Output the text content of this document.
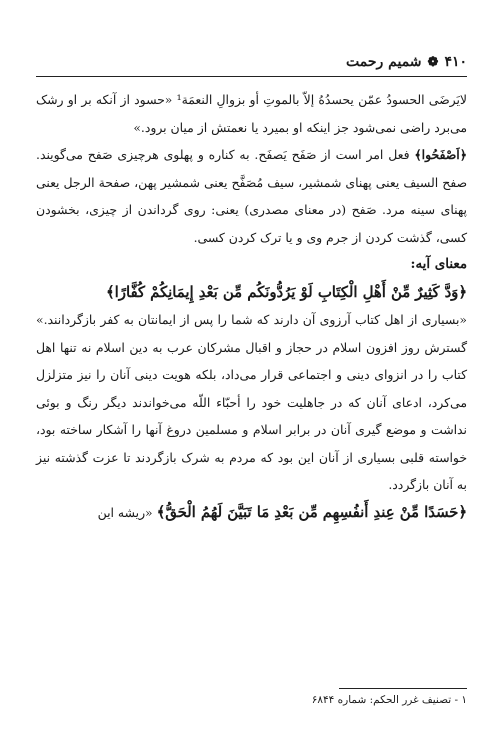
۴۱۰
❁
شمیم رحمت

لایَرضَی الحسودُ عمّن یحسدُهُ إلاّ بالموتِ أو بزوالِ النعمَة¹ «حسود از آنکه بر او رشک می‌برد راضی نمی‌شود جز اینکه او بمیرد یا نعمتش از میان برود.»

﴿اَصْفَحُوا﴾ فعل امر است از صَفَح یَصفَح. به کناره و پهلوی هرچیزی صَفح می‌گویند. صفح السیف یعنی پهنای شمشیر، سیف مُصَفَّح یعنی شمشیر پهن، صفحة الرجل یعنی پهنای سینه مرد. صَفح (در معنای مصدری) یعنی: روی گرداندن از چیزی، بخشودن کسی، گذشت کردن از جرم وی و یا ترک کردن کسی.

معنای آیه:

﴿وَدَّ كَثِيرٌ مِّنْ أَهْلِ الْكِتَابِ لَوْ يَرُدُّونَكُم مِّن بَعْدِ إِيمَانِكُمْ كُفَّارًا﴾

«بسیاری از اهل کتاب آرزوی آن دارند که شما را پس از ایمانتان به کفر بازگردانند.» گسترش روز افزون اسلام در حجاز و اقبال مشرکان عرب به دین اسلام نه تنها اهل کتاب را در انزوای دینی و اجتماعی قرار می‌داد، بلکه هویت دینی آنان را نیز متزلزل می‌کرد، ادعای آنان که در جاهلیت خود را أحبّاء اللّه می‌خواندند دیگر رنگ و بوئی نداشت و موضع گیری آنان در برابر اسلام و مسلمین دروغ آنها را آشکار ساخته بود، خواسته قلبی بسیاری از آنان این بود که مردم به شرک بازگردند تا عزت گذشته نیز به آنان بازگردد.

﴿حَسَدًا مِّنْ عِندِ أَنفُسِهِم مِّن بَعْدِ مَا تَبَيَّنَ لَهُمُ الْحَقُّ﴾ «ریشه این

۱ - تصنیف غرر الحکم: شماره ۶۸۴۴
